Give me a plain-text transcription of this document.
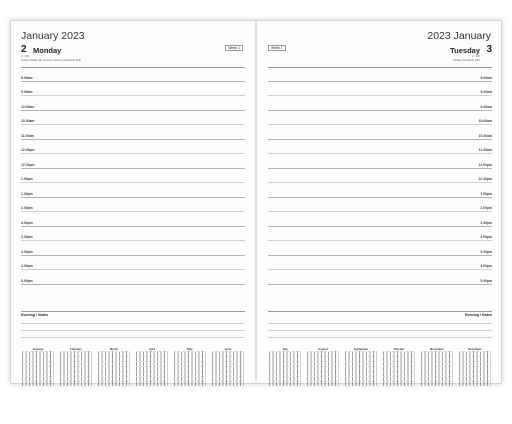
January 2023
2 Monday	Week 1
2 - 363
Public Holiday (IE, Northern Ireland) (Scotland) (NZ)
8.00am
9.00am
10.00am
10.30am
11.00am
12.00pm
12.30pm
1.00pm
1.30pm
2.00pm
3.00pm
3.30pm
4.00pm
4.30pm
5.00pm
Evening / Notes
January	February	March	April	May	June
2023 January
Week 1	Tuesday 3
3 - 362
Holiday (Scotland) (NZ)
8.00am
9.00am
9.30am
10.00am
10.30am
11.00am
12.00pm
12.30pm
1.00pm
2.00pm
2.30pm
3.00pm
3.30pm
4.00pm
5.00pm
Evening / Notes
July	August	September	October	November	December
